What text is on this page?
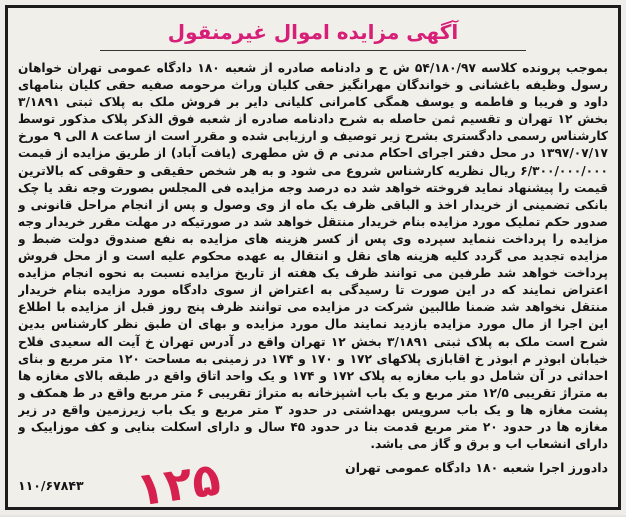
آگهی مزایده اموال غیرمنقول
بموجب پرونده کلاسه ۵۴/۱۸۰/۹۷ ش ح و دادنامه صادره از شعبه ۱۸۰ دادگاه عمومی تهران خواهان رسول وظیفه باغشانی و خواندگان مهرانگیز حقی کلیان وراث مرحومه صفیه حقی کلیان بنامهای داود و فریبا و فاطمه و یوسف همگی کامرانی کلیانی دایر بر فروش ملک به پلاک ثبتی ۳/۱۸۹۱ بخش ۱۲ تهران و تقسیم ثمن حاصله به شرح دادنامه صادره از شعبه فوق الذکر پلاک مذکور توسط کارشناس رسمی دادگستری بشرح زیر توصیف و ارزیابی شده و مقرر است از ساعت ۸ الی ۹ مورخ ۱۳۹۷/۰۷/۱۷ در محل دفتر اجرای احکام مدنی م ق ش مطهری (یافت آباد) از طریق مزایده از قیمت ۶/۳۰۰/۰۰۰/۰۰۰ ریال نظریه کارشناس شروع می شود و به هر شخص حقیقی و حقوقی که بالاترین قیمت را پیشنهاد نماید فروخته خواهد شد ده درصد وجه مزایده فی المجلس بصورت وجه نقد یا چک بانکی تضمینی از خریدار اخذ و الباقی ظرف یک ماه از وی وصول و پس از انجام مراحل قانونی و صدور حکم تملیک مورد مزایده بنام خریدار منتقل خواهد شد در صورتیکه در مهلت مقرر خریدار وجه مزایده را پرداخت ننماید سپرده وی پس از کسر هزینه های مزایده به نفع صندوق دولت ضبط و مزایده تجدید می گردد کلیه هزینه های نقل و انتقال به عهده محکوم علیه است و از محل فروش پرداخت خواهد شد طرفین می توانند ظرف یک هفته از تاریخ مزایده نسبت به نحوه انجام مزایده اعتراض نمایند که در این صورت تا رسیدگی به اعتراض از سوی دادگاه مورد مزایده بنام خریدار منتقل نخواهد شد ضمنا طالبین شرکت در مزایده می توانند ظرف پنج روز قبل از مزایده با اطلاع این اجرا از مال مورد مزایده بازدید نمایند مال مورد مزایده و بهای ان طبق نظر کارشناس بدین شرح است ملک به پلاک ثبتی ۳/۱۸۹۱ بخش ۱۲ تهران واقع در آدرس تهران خ آیت اله سعیدی فلاح خیابان ابوذر م ابوذر خ اقابازی پلاکهای ۱۷۲ و ۱۷۰ و ۱۷۴ در زمینی به مساحت ۱۲۰ متر مربع و بنای احداثی در آن شامل دو باب مغازه به پلاک ۱۷۲ و ۱۷۴ و یک واحد اتاق واقع در طبقه بالای مغازه ها به متراژ تقریبی ۱۲/۵ متر مربع و یک باب اشپزخانه به متراژ تقریبی ۶ متر مربع واقع در ط همکف و پشت مغازه ها و یک باب سرویس بهداشتی در حدود ۳ متر مربع و یک باب زیرزمین واقع در زیر مغازه ها در حدود ۲۰ متر مربع قدمت بنا در حدود ۴۵ سال و دارای اسکلت بنایی و کف موزاییک و دارای انشعاب اب و برق و گاز می باشد.
دادورز اجرا شعبه ۱۸۰ دادگاه عمومی تهران
۱۱۰/۶۷۸۴۳ ۱۲۵
